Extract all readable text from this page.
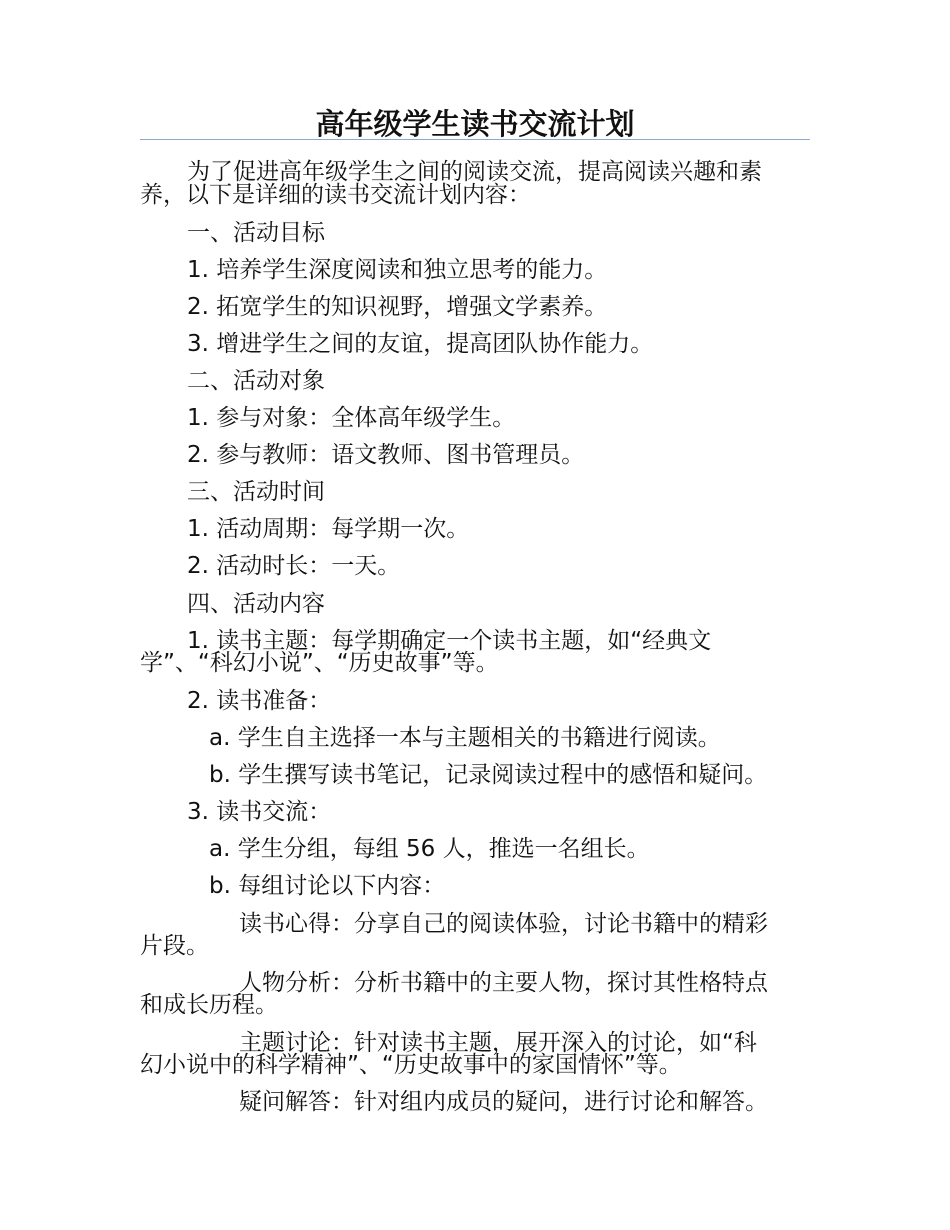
高年级学生读书交流计划

为了促进高年级学生之间的阅读交流，提高阅读兴趣和素

养，以下是详细的读书交流计划内容：

一、活动目标

1. 培养学生深度阅读和独立思考的能力。

2. 拓宽学生的知识视野，增强文学素养。

3. 增进学生之间的友谊，提高团队协作能力。

二、活动对象

1. 参与对象：全体高年级学生。

2. 参与教师：语文教师、图书管理员。

三、活动时间

1. 活动周期：每学期一次。

2. 活动时长：一天。

四、活动内容

1. 读书主题：每学期确定一个读书主题，如“经典文

学”、“科幻小说”、“历史故事”等。

2. 读书准备：

a. 学生自主选择一本与主题相关的书籍进行阅读。

b. 学生撰写读书笔记，记录阅读过程中的感悟和疑问。

3. 读书交流：

a. 学生分组，每组 56 人，推选一名组长。

b. 每组讨论以下内容：

读书心得：分享自己的阅读体验，讨论书籍中的精彩

片段。

人物分析：分析书籍中的主要人物，探讨其性格特点

和成长历程。

主题讨论：针对读书主题，展开深入的讨论，如“科

幻小说中的科学精神”、“历史故事中的家国情怀”等。

疑问解答：针对组内成员的疑问，进行讨论和解答。
